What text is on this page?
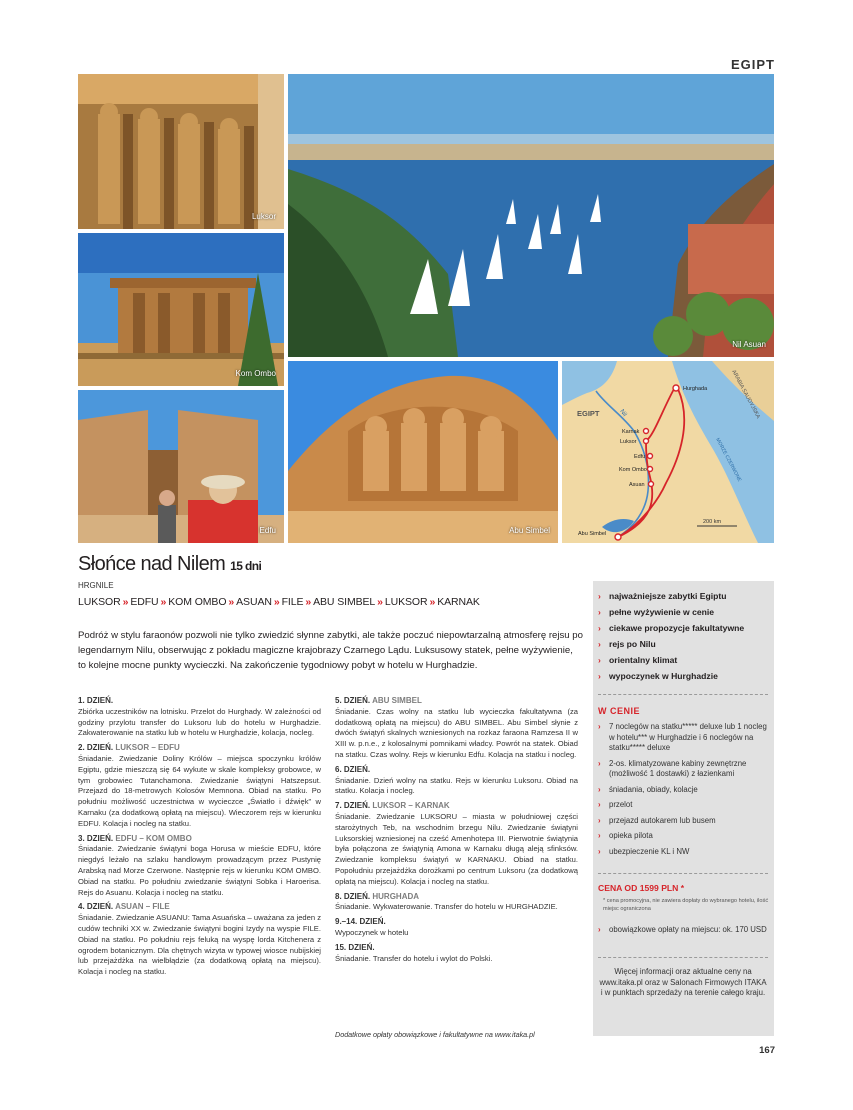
EGIPT
Luksor
Nil Asuan
Kom Ombo
Edfu	Abu Simbel
EGIPT	Nil
MORZE CZERWONE
ARABIA SAUDYJSKA
200 km
Hurghada
Karnak
Luksor
Edfu
Kom Ombo
Asuan
Abu Simbel
Słońce nad Nilem 15 dni
HRGNILE
LUKSOR » EDFU » KOM OMBO » ASUAN » FILE » ABU SIMBEL » LUKSOR » KARNAK
Podróż w stylu faraonów pozwoli nie tylko zwiedzić słynne zabytki, ale także poczuć niepowtarzalną atmosferę rejsu po legendarnym Nilu, obserwując z pokładu magiczne krajobrazy Czarnego Lądu. Luksusowy statek, pełne wyżywienie, to kolejne mocne punkty wycieczki. Na zakończenie tygodniowy pobyt w hotelu w Hurghadzie.
1. DZIEŃ.
Zbiórka uczestników na lotnisku. Przelot do Hurghady. W zależności od godziny przylotu transfer do Luksoru lub do hotelu w Hurghadzie. Zakwaterowanie na statku lub w hotelu w Hurghadzie, kolacja, nocleg.
2. DZIEŃ. LUKSOR – EDFU
Śniadanie. Zwiedzanie Doliny Królów – miejsca spoczynku królów Egiptu, gdzie mieszczą się 64 wykute w skale kompleksy grobowce, w tym grobowiec Tutanchamona. Zwiedzanie świątyni Hatszepsut. Przejazd do 18-metrowych Kolosów Memnona. Obiad na statku. Po południu możliwość uczestnictwa w wycieczce „Światło i dźwięk” w Karnaku (za dodatkową opłatą na miejscu). Wieczorem rejs w kierunku EDFU. Kolacja i nocleg na statku.
3. DZIEŃ. EDFU – KOM OMBO
Śniadanie. Zwiedzanie świątyni boga Horusa w mieście EDFU, które niegdyś leżało na szlaku handlowym prowadzącym przez Pustynię Arabską nad Morze Czerwone. Następnie rejs w kierunku KOM OMBO. Obiad na statku. Po południu zwiedzanie świątyni Sobka i Haroerisa. Rejs do Asuanu. Kolacja i nocleg na statku.
4. DZIEŃ. ASUAN – FILE
Śniadanie. Zwiedzanie ASUANU: Tama Asuańska – uważana za jeden z cudów techniki XX w. Zwiedzanie świątyni bogini Izydy na wyspie FILE. Obiad na statku. Po południu rejs feluką na wyspę lorda Kitchenera z ogrodem botanicznym. Dla chętnych wizyta w typowej wiosce nubijskiej lub przejażdżka na wielbłądzie (za dodatkową opłatą na miejscu). Kolacja i nocleg na statku.
5. DZIEŃ. ABU SIMBEL
Śniadanie. Czas wolny na statku lub wycieczka fakultatywna (za dodatkową opłatą na miejscu) do ABU SIMBEL. Abu Simbel słynie z dwóch świątyń skalnych wzniesionych na rozkaz faraona Ramzesa II w XIII w. p.n.e., z kolosalnymi pomnikami władcy. Powrót na statek. Obiad na statku. Czas wolny. Rejs w kierunku Edfu. Kolacja na statku i nocleg.
6. DZIEŃ.
Śniadanie. Dzień wolny na statku. Rejs w kierunku Luksoru. Obiad na statku. Kolacja i nocleg.
7. DZIEŃ. LUKSOR – KARNAK
Śniadanie. Zwiedzanie LUKSORU – miasta w południowej części starożytnych Teb, na wschodnim brzegu Nilu. Zwiedzanie świątyni Luksorskiej wzniesionej na cześć Amenhotepa III. Pierwotnie świątynia była połączona ze świątynią Amona w Karnaku długą aleją sfinksów. Zwiedzanie kompleksu świątyń w KARNAKU. Obiad na statku. Popołudniu przejażdżka dorożkami po centrum Luksoru (za dodatkową opłatą na miejscu). Kolacja i nocleg na statku.
8. DZIEŃ. HURGHADA
Śniadanie. Wykwaterowanie. Transfer do hotelu w HURGHADZIE.
9.–14. DZIEŃ.
Wypoczynek w hotelu
15. DZIEŃ.
Śniadanie. Transfer do hotelu i wylot do Polski.
Dodatkowe opłaty obowiązkowe i fakultatywne na www.itaka.pl
› najważniejsze zabytki Egiptu
› pełne wyżywienie w cenie
› ciekawe propozycje fakultatywne
› rejs po Nilu
› orientalny klimat
› wypoczynek w Hurghadzie
W CENIE
› 7 noclegów na statku***** deluxe lub 1 nocleg w hotelu*** w Hurghadzie i 6 noclegów na statku***** deluxe
› 2-os. klimatyzowane kabiny zewnętrzne (możliwość 1 dostawki) z łazienkami
› śniadania, obiady, kolacje
› przelot
› przejazd autokarem lub busem
› opieka pilota
› ubezpieczenie KL i NW
CENA OD 1599 PLN *
* cena promocyjna, nie zawiera dopłaty do wybranego hotelu, ilość miejsc ograniczona
› obowiązkowe opłaty na miejscu: ok. 170 USD
Więcej informacji oraz aktualne ceny na www.itaka.pl oraz w Salonach Firmowych ITAKA i w punktach sprzedaży na terenie całego kraju.
167
